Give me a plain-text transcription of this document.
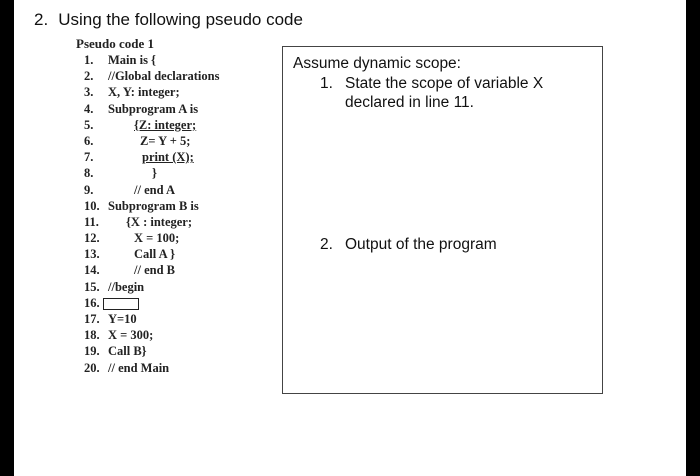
2. Using the following pseudo code
Pseudo code 1
1. Main is {
2. //Global declarations
3. X, Y: integer;
4. Subprogram A is
5.	{Z: integer;
6.	Z= Y + 5;
7.	print (X);
8.	}
9.	// end A
10. Subprogram B is
11. {X : integer;
12.	X = 100;
13.	Call A }
14.	// end B
15. //begin
16.
17. Y=10
18. X = 300;
19. Call B}
20. // end Main
Assume dynamic scope:
1. State the scope of variable X
declared in line 11.
2. Output of the program
